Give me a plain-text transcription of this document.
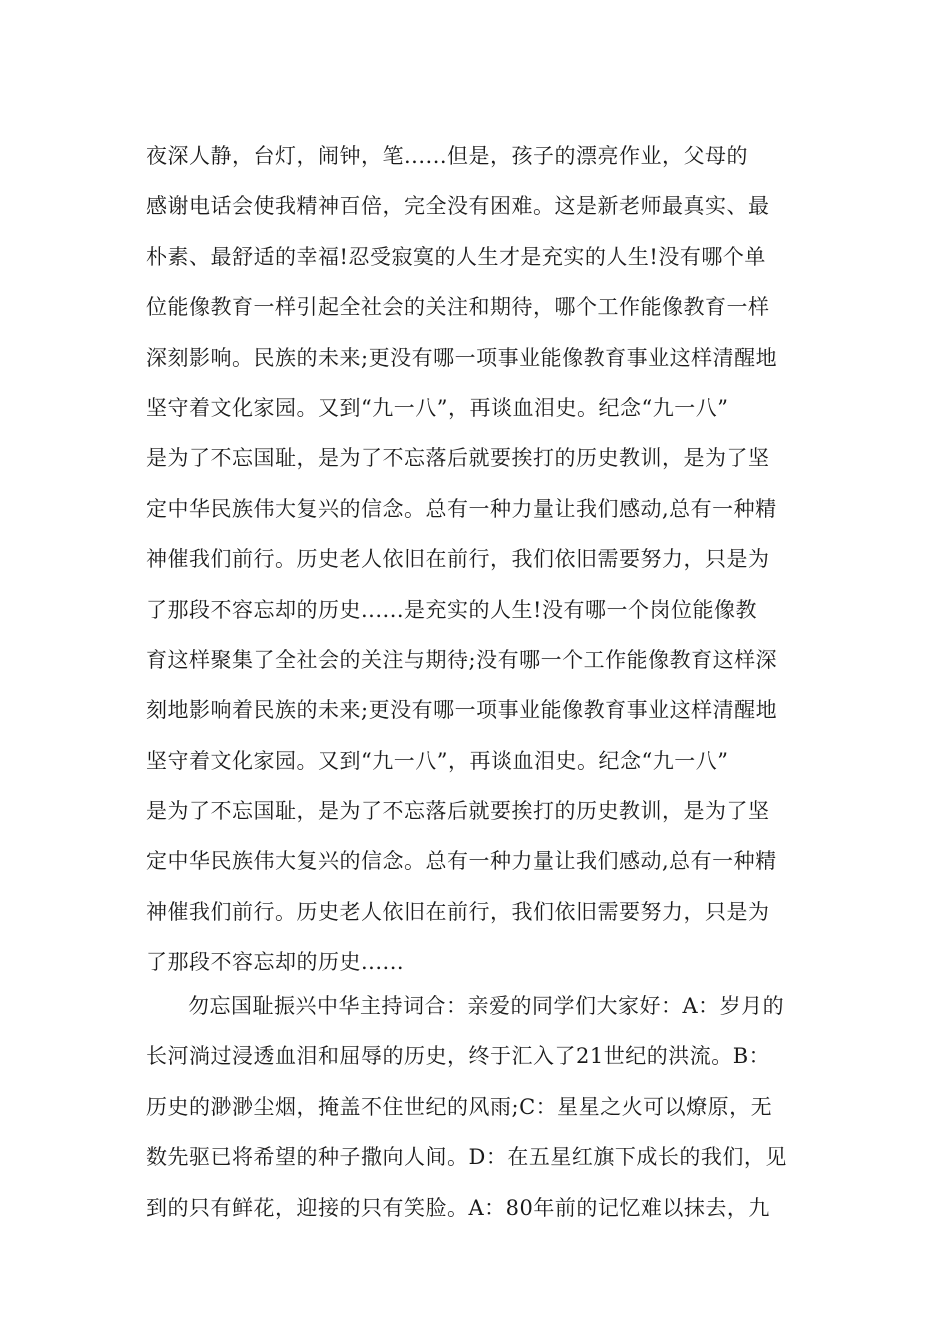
夜深人静，台灯，闹钟，笔......但是，孩子的漂亮作业，父母的
感谢电话会使我精神百倍，完全没有困难。这是新老师最真实、最
朴素、最舒适的幸福!忍受寂寞的人生才是充实的人生!没有哪个单
位能像教育一样引起全社会的关注和期待，哪个工作能像教育一样
深刻影响。民族的未来;更没有哪一项事业能像教育事业这样清醒地
坚守着文化家园。又到“九一八”，再谈血泪史。纪念“九一八”
是为了不忘国耻，是为了不忘落后就要挨打的历史教训，是为了坚
定中华民族伟大复兴的信念。总有一种力量让我们感动,总有一种精
神催我们前行。历史老人依旧在前行，我们依旧需要努力，只是为
了那段不容忘却的历史......是充实的人生!没有哪一个岗位能像教
育这样聚集了全社会的关注与期待;没有哪一个工作能像教育这样深
刻地影响着民族的未来;更没有哪一项事业能像教育事业这样清醒地
坚守着文化家园。又到“九一八”，再谈血泪史。纪念“九一八”
是为了不忘国耻，是为了不忘落后就要挨打的历史教训，是为了坚
定中华民族伟大复兴的信念。总有一种力量让我们感动,总有一种精
神催我们前行。历史老人依旧在前行，我们依旧需要努力，只是为
了那段不容忘却的历史......
勿忘国耻振兴中华主持词合：亲爱的同学们大家好：A：岁月的
长河淌过浸透血泪和屈辱的历史，终于汇入了21世纪的洪流。B：
历史的渺渺尘烟，掩盖不住世纪的风雨;C：星星之火可以燎原，无
数先驱已将希望的种子撒向人间。D：在五星红旗下成长的我们，见
到的只有鲜花，迎接的只有笑脸。A：80年前的记忆难以抹去，九
